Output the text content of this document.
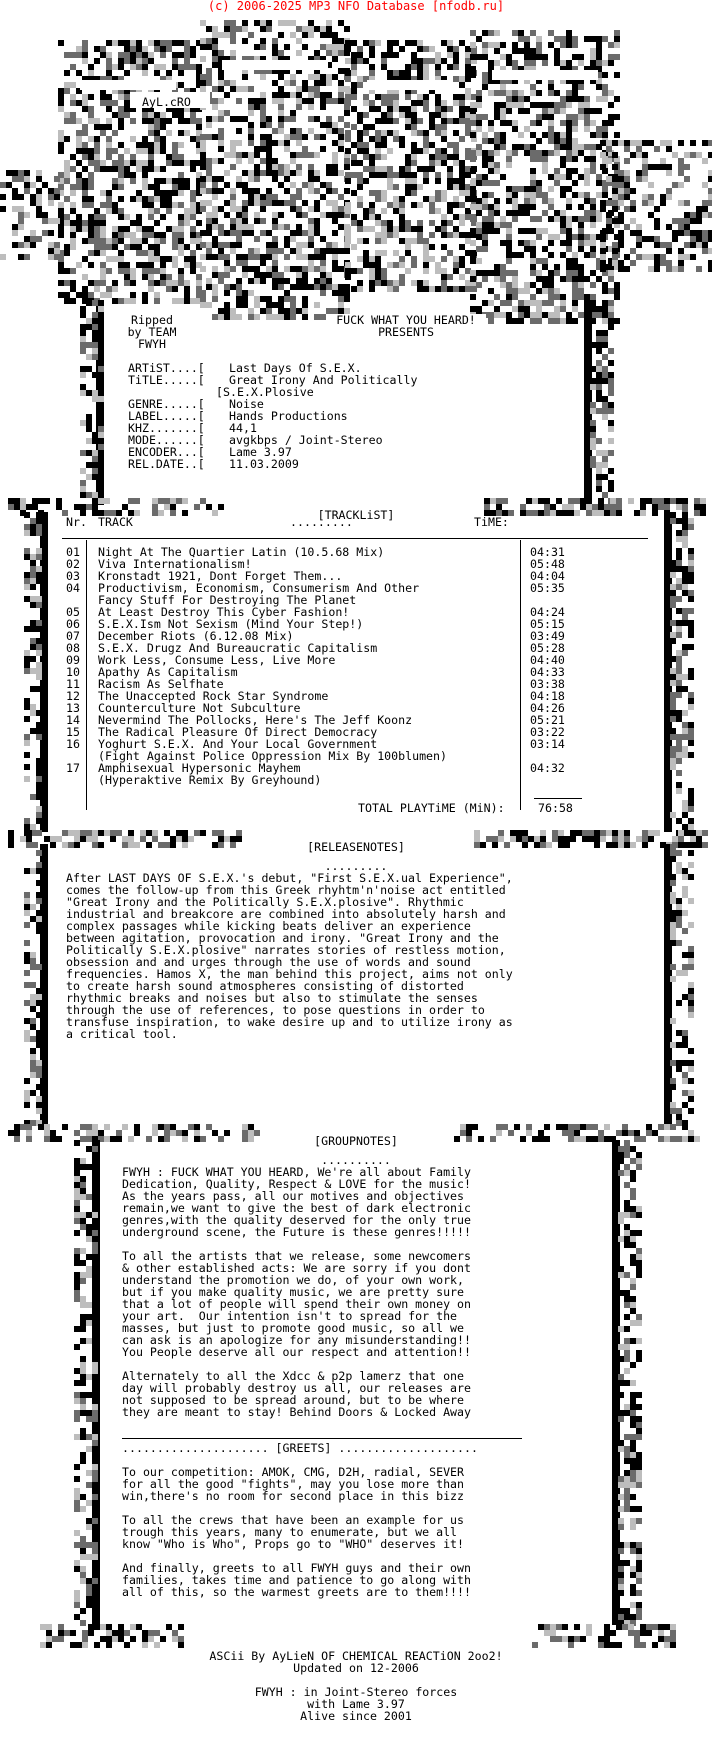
(c) 2006-2025 MP3 NFO Database [nfodb.ru]
AyL.cRO
Ripped
by TEAM
FWYH
FUCK WHAT YOU HEARD!
PRESENTS
ARTiST....[	Last Days Of S.E.X.
TiTLE.....[	Great Irony And Politically
[ S.E.X.Plosive
GENRE.....[	Noise
LABEL.....[	Hands Productions
KHZ.......[	44,1
MODE......[	avgkbps / Joint-Stereo
ENCODER...[	Lame 3.97
REL.DATE..[	11.03.2009
[TRACKLiST]
Nr. TRACK	.........	TiME:
01	Night At The Quartier Latin (10.5.68 Mix)	04:31
02	Viva Internationalism!	05:48
03	Kronstadt 1921, Dont Forget Them...	04:04
04	Productivism, Economism, Consumerism And Other	05:35
Fancy Stuff For Destroying The Planet
05	At Least Destroy This Cyber Fashion!	04:24
06	S.E.X.Ism Not Sexism (Mind Your Step!)	05:15
07	December Riots (6.12.08 Mix)	03:49
08	S.E.X. Drugz And Bureaucratic Capitalism	05:28
09	Work Less, Consume Less, Live More	04:40
10	Apathy As Capitalism	04:33
11	Racism As Selfhate	03:38
12	The Unaccepted Rock Star Syndrome	04:18
13	Counterculture Not Subculture	04:26
14	Nevermind The Pollocks, Here's The Jeff Koonz	05:21
15	The Radical Pleasure Of Direct Democracy	03:22
16	Yoghurt S.E.X. And Your Local Government	03:14
(Fight Against Police Oppression Mix By 100blumen)
17	Amphisexual Hypersonic Mayhem	04:32
(Hyperaktive Remix By Greyhound)
TOTAL PLAYTiME (MiN):	76:58
[RELEASENOTES]
.........
After LAST DAYS OF S.E.X.'s debut, "First S.E.X.ual Experience",
comes the follow-up from this Greek rhyhtm'n'noise act entitled
"Great Irony and the Politically S.E.X.plosive". Rhythmic
industrial and breakcore are combined into absolutely harsh and
complex passages while kicking beats deliver an experience
between agitation, provocation and irony. "Great Irony and the
Politically S.E.X.plosive" narrates stories of restless motion,
obsession and and urges through the use of words and sound
frequencies. Hamos X, the man behind this project, aims not only
to create harsh sound atmospheres consisting of distorted
rhythmic breaks and noises but also to stimulate the senses
through the use of references, to pose questions in order to
transfuse inspiration, to wake desire up and to utilize irony as
a critical tool.
[GROUPNOTES]
..........
FWYH : FUCK WHAT YOU HEARD, We're all about Family
Dedication, Quality, Respect & LOVE for the music!
As the years pass, all our motives and objectives
remain,we want to give the best of dark electronic
genres,with the quality deserved for the only true
underground scene, the Future is these genres!!!!!
To all the artists that we release, some newcomers
& other established acts: We are sorry if you dont
understand the promotion we do, of your own work,
but if you make quality music, we are pretty sure
that a lot of people will spend their own money on
your art.  Our intention isn't to spread for the
masses, but just to promote good music, so all we
can ask is an apologize for any misunderstanding!!
You People deserve all our respect and attention!!
Alternately to all the Xdcc & p2p lamerz that one
day will probably destroy us all, our releases are
not supposed to be spread around, but to be where
they are meant to stay! Behind Doors & Locked Away
..................... [GREETS] ....................
To our competition: AMOK, CMG, D2H, radial, SEVER
for all the good "fights", may you lose more than
win,there's no room for second place in this bizz
To all the crews that have been an example for us
trough this years, many to enumerate, but we all
know "Who is Who", Props go to "WHO" deserves it!
And finally, greets to all FWYH guys and their own
families, takes time and patience to go along with
all of this, so the warmest greets are to them!!!!
ASCii By AyLieN OF CHEMICAL REACTiON 2oo2!
Updated on 12-2006
FWYH : in Joint-Stereo forces
with Lame 3.97
Alive since 2001
